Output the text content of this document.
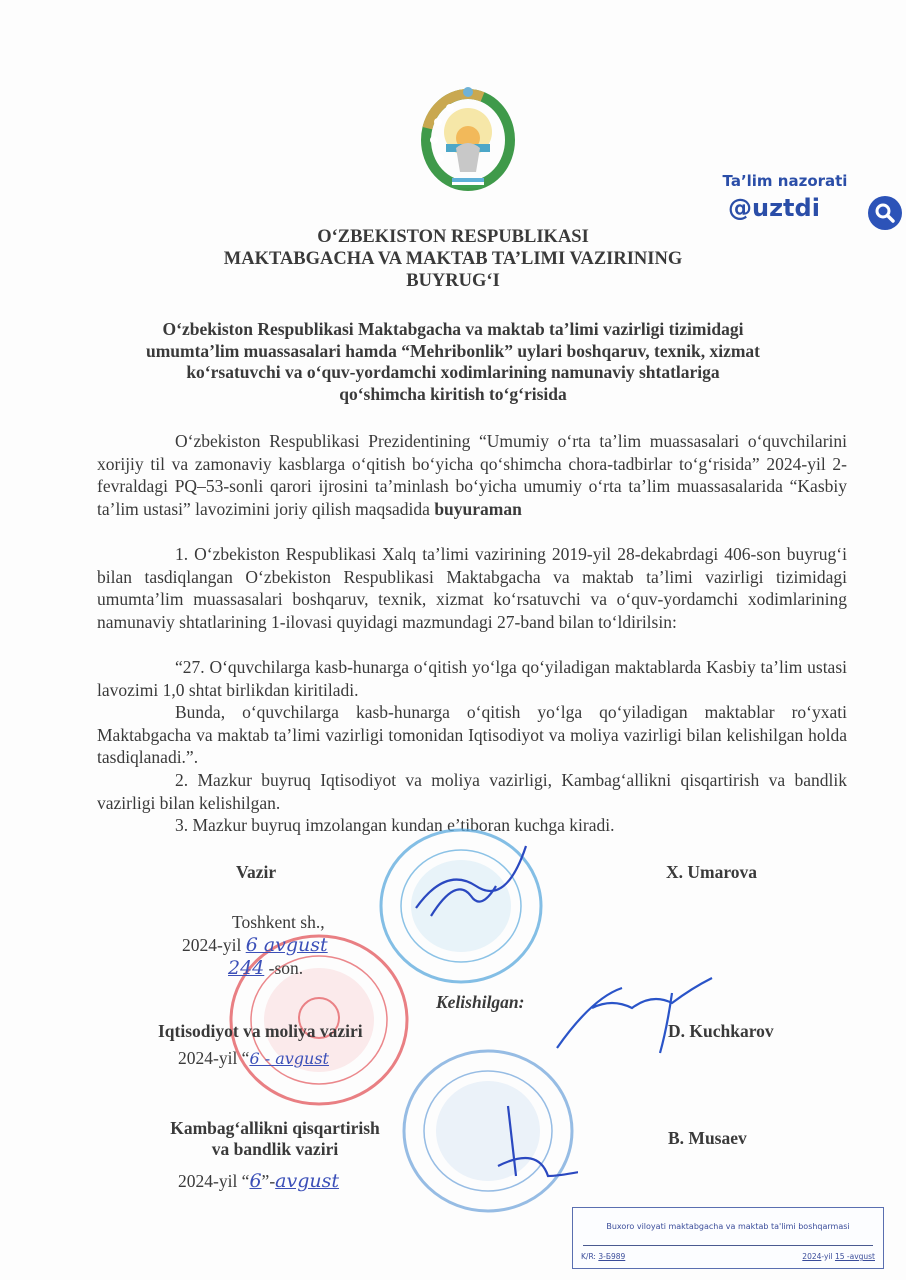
Ta’lim nazorati
@uztdi
O‘ZBEKISTON RESPUBLIKASI
MAKTABGACHA VA MAKTAB TA’LIMI VAZIRINING
BUYRUG‘I
O‘zbekiston Respublikasi Maktabgacha va maktab ta’limi vazirligi tizimidagi
umumta’lim muassasalari hamda “Mehribonlik” uylari boshqaruv, texnik, xizmat
ko‘rsatuvchi va o‘quv-yordamchi xodimlarining namunaviy shtatlariga
qo‘shimcha kiritish to‘g‘risida
O‘zbekiston Respublikasi Prezidentining “Umumiy o‘rta ta’lim muassasalari o‘quvchilarini xorijiy til va zamonaviy kasblarga o‘qitish bo‘yicha qo‘shimcha chora-tadbirlar to‘g‘risida” 2024-yil 2-fevraldagi PQ–53-sonli qarori ijrosini ta’minlash bo‘yicha umumiy o‘rta ta’lim muassasalarida “Kasbiy ta’lim ustasi” lavozimini joriy qilish maqsadida buyuraman
1. O‘zbekiston Respublikasi Xalq ta’limi vazirining 2019-yil 28-dekabrdagi 406-son buyrug‘i bilan tasdiqlangan O‘zbekiston Respublikasi Maktabgacha va maktab ta’limi vazirligi tizimidagi umumta’lim muassasalari boshqaruv, texnik, xizmat ko‘rsatuvchi va o‘quv-yordamchi xodimlarining namunaviy shtatlarining 1-ilovasi quyidagi mazmundagi 27-band bilan to‘ldirilsin:
“27. O‘quvchilarga kasb-hunarga o‘qitish yo‘lga qo‘yiladigan maktablarda Kasbiy ta’lim ustasi lavozimi 1,0 shtat birlikdan kiritiladi.
Bunda, o‘quvchilarga kasb-hunarga o‘qitish yo‘lga qo‘yiladigan maktablar ro‘yxati Maktabgacha va maktab ta’limi vazirligi tomonidan Iqtisodiyot va moliya vazirligi bilan kelishilgan holda tasdiqlanadi.”.
2. Mazkur buyruq Iqtisodiyot va moliya vazirligi, Kambag‘allikni qisqartirish va bandlik vazirligi bilan kelishilgan.
3. Mazkur buyruq imzolangan kundan e’tiboran kuchga kiradi.
Vazir	X. Umarova
Toshkent sh.,
2024-yil 6 avgust
244 -son.
Kelishilgan:
Iqtisodiyot va moliya vaziri	D. Kuchkarov
2024-yil “6 - avgust
Kambag‘allikni qisqartirish
va bandlik vaziri
B. Musaev
2024-yil “6”-avgust
Buxoro viloyati maktabgacha va maktab ta'limi boshqarmasi
K/R: 3-Б989	2024-yil 15 -avgust
